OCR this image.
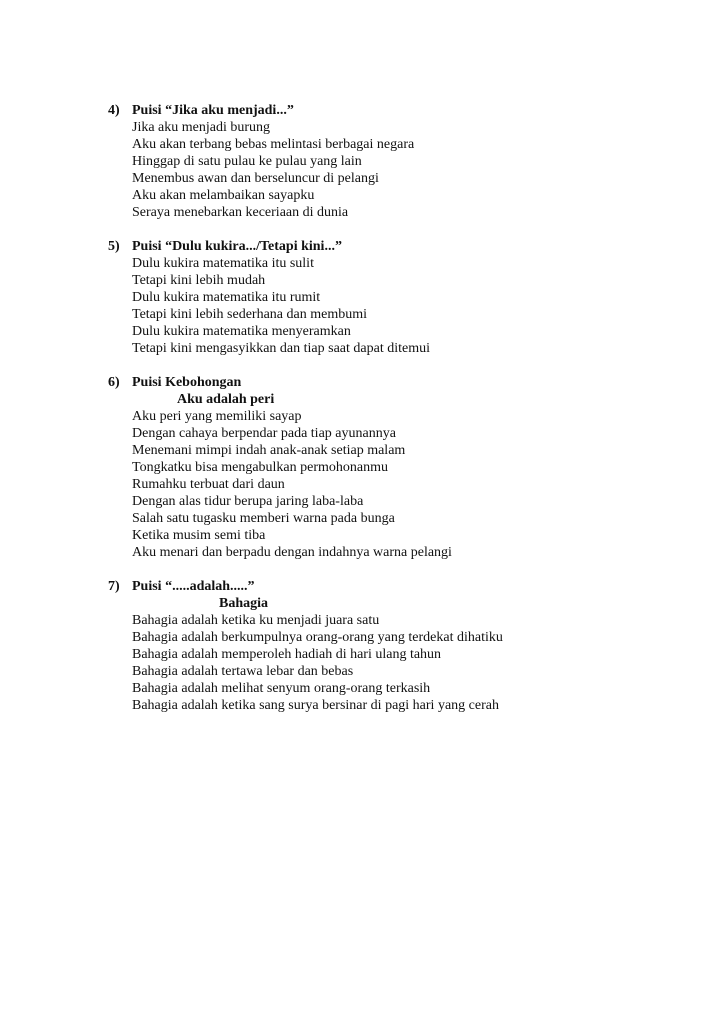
4) Puisi “Jika aku menjadi...”
Jika aku menjadi burung
Aku akan terbang bebas melintasi berbagai negara
Hinggap di satu pulau ke pulau yang lain
Menembus awan dan berseluncur di pelangi
Aku akan melambaikan sayapku
Seraya menebarkan keceriaan di dunia
5) Puisi “Dulu kukira.../Tetapi kini...”
Dulu kukira matematika itu sulit
Tetapi kini lebih mudah
Dulu kukira matematika itu rumit
Tetapi kini lebih sederhana dan membumi
Dulu kukira matematika menyeramkan
Tetapi kini mengasyikkan dan tiap saat dapat ditemui
6) Puisi Kebohongan
Aku adalah peri
Aku peri yang memiliki sayap
Dengan cahaya berpendar pada tiap ayunannya
Menemani mimpi indah anak-anak setiap malam
Tongkatku bisa mengabulkan permohonanmu
Rumahku terbuat dari daun
Dengan alas tidur berupa jaring laba-laba
Salah satu tugasku memberi warna pada bunga
Ketika musim semi tiba
Aku menari dan berpadu dengan indahnya warna pelangi
7) Puisi “.....adalah.....”
Bahagia
Bahagia adalah ketika ku menjadi juara satu
Bahagia adalah berkumpulnya orang-orang yang terdekat dihatiku
Bahagia adalah memperoleh hadiah di hari ulang tahun
Bahagia adalah tertawa lebar dan bebas
Bahagia adalah melihat senyum orang-orang terkasih
Bahagia adalah ketika sang surya bersinar di pagi hari yang cerah
